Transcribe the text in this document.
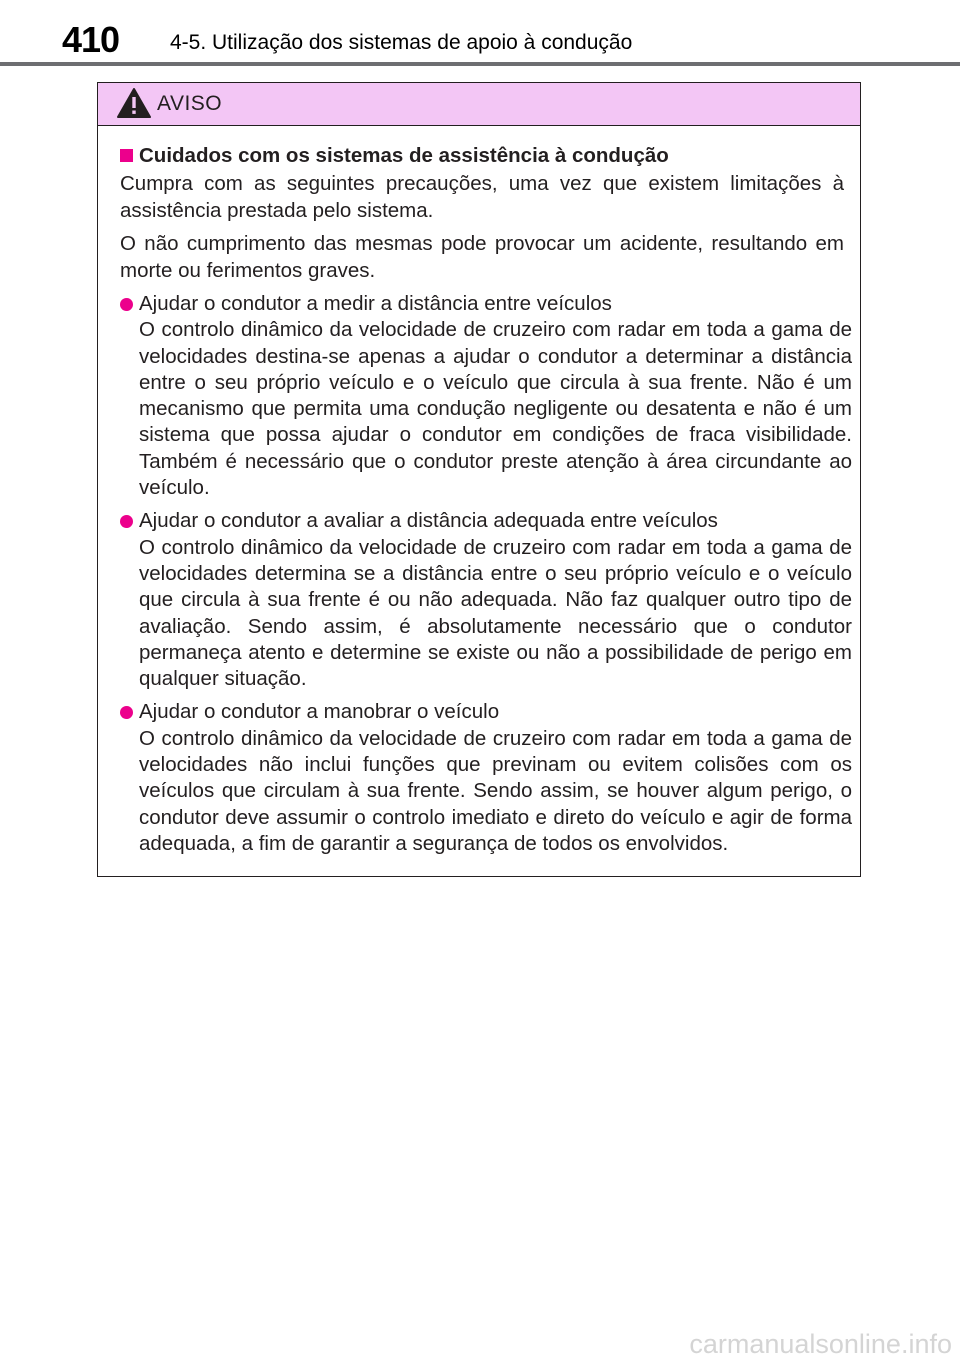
410 4-5. Utilização dos sistemas de apoio à condução
AVISO
Cuidados com os sistemas de assistência à condução
Cumpra com as seguintes precauções, uma vez que existem limitações à assistência prestada pelo sistema.
O não cumprimento das mesmas pode provocar um acidente, resultando em morte ou ferimentos graves.
Ajudar o condutor a medir a distância entre veículos
O controlo dinâmico da velocidade de cruzeiro com radar em toda a gama de velocidades destina-se apenas a ajudar o condutor a determinar a distância entre o seu próprio veículo e o veículo que circula à sua frente. Não é um mecanismo que permita uma condução negligente ou desatenta e não é um sistema que possa ajudar o condutor em condições de fraca visibilidade. Também é necessário que o condutor preste atenção à área circundante ao veículo.
Ajudar o condutor a avaliar a distância adequada entre veículos
O controlo dinâmico da velocidade de cruzeiro com radar em toda a gama de velocidades determina se a distância entre o seu próprio veículo e o veículo que circula à sua frente é ou não adequada. Não faz qualquer outro tipo de avaliação. Sendo assim, é absolutamente necessário que o condutor permaneça atento e determine se existe ou não a possibilidade de perigo em qualquer situação.
Ajudar o condutor a manobrar o veículo
O controlo dinâmico da velocidade de cruzeiro com radar em toda a gama de velocidades não inclui funções que previnam ou evitem colisões com os veículos que circulam à sua frente. Sendo assim, se houver algum perigo, o condutor deve assumir o controlo imediato e direto do veículo e agir de forma adequada, a fim de garantir a segurança de todos os envolvidos.
carmanualsonline.info
